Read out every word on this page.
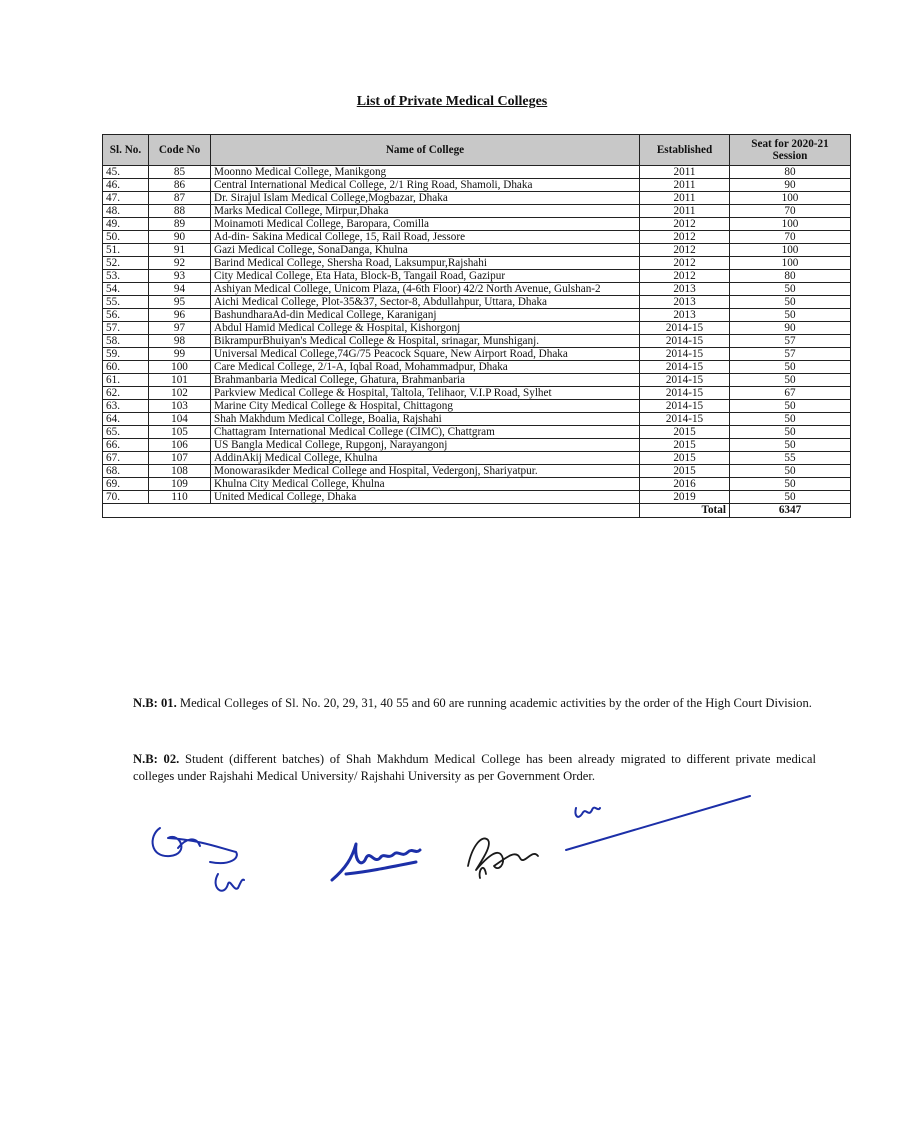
List of Private Medical Colleges
Sl. No.	Code No	Name of College	Established	Seat for 2020-21 Session
45.	85	Moonno Medical College, Manikgong	2011	80
46.	86	Central International Medical College, 2/1 Ring Road, Shamoli, Dhaka	2011	90
47.	87	Dr. Sirajul Islam Medical College,Mogbazar, Dhaka	2011	100
48.	88	Marks Medical College, Mirpur,Dhaka	2011	70
49.	89	Moinamoti Medical College, Baropara, Comilla	2012	100
50.	90	Ad-din- Sakina Medical College, 15, Rail Road, Jessore	2012	70
51.	91	Gazi Medical College, SonaDanga, Khulna	2012	100
52.	92	Barind Medical College, Shersha Road, Laksumpur,Rajshahi	2012	100
53.	93	City Medical College, Eta Hata, Block-B, Tangail Road, Gazipur	2012	80
54.	94	Ashiyan Medical College, Unicom Plaza, (4-6th Floor) 42/2 North Avenue, Gulshan-2	2013	50
55.	95	Aichi Medical College, Plot-35&37, Sector-8, Abdullahpur, Uttara, Dhaka	2013	50
56.	96	BashundharaAd-din Medical College, Karaniganj	2013	50
57.	97	Abdul Hamid Medical College & Hospital, Kishorgonj	2014-15	90
58.	98	BikrampurBhuiyan's Medical College & Hospital, srinagar, Munshiganj.	2014-15	57
59.	99	Universal Medical College,74G/75 Peacock Square, New Airport Road, Dhaka	2014-15	57
60.	100	Care Medical College, 2/1-A, Iqbal Road, Mohammadpur, Dhaka	2014-15	50
61.	101	Brahmanbaria Medical College, Ghatura, Brahmanbaria	2014-15	50
62.	102	Parkview Medical College & Hospital, Taltola, Telihaor, V.I.P Road, Sylhet	2014-15	67
63.	103	Marine City Medical College & Hospital, Chittagong	2014-15	50
64.	104	Shah Makhdum Medical College, Boalia, Rajshahi	2014-15	50
65.	105	Chattagram International Medical College (CIMC), Chattgram	2015	50
66.	106	US Bangla Medical College, Rupgonj, Narayangonj	2015	50
67.	107	AddinAkij Medical College, Khulna	2015	55
68.	108	Monowarasikder Medical College and Hospital, Vedergonj, Shariyatpur.	2015	50
69.	109	Khulna City Medical College, Khulna	2016	50
70.	110	United Medical College, Dhaka	2019	50
			Total	6347

N.B: 01. Medical Colleges of Sl. No. 20, 29, 31, 40 55 and 60 are running academic activities by the order of the High Court Division.

N.B: 02. Student (different batches) of Shah Makhdum Medical College has been already migrated to different private medical colleges under Rajshahi Medical University/ Rajshahi University as per Government Order.
